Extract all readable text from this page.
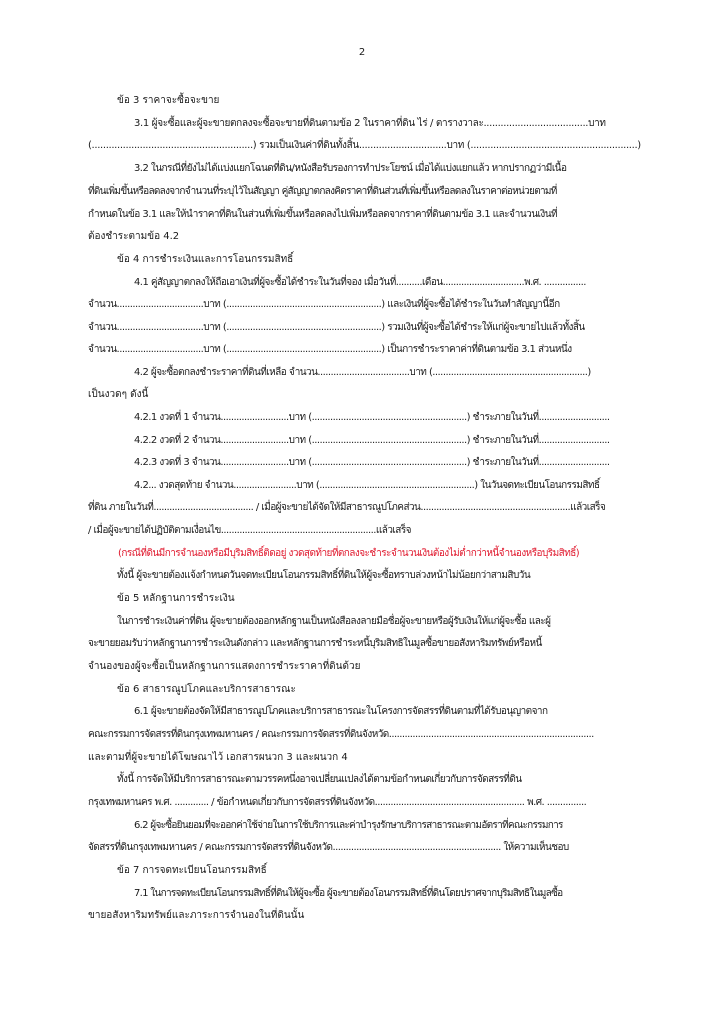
2
ข้อ 3 ราคาจะซื้อจะขาย
3.1 ผู้จะซื้อและผู้จะขายตกลงจะซื้อจะขายที่ดินตามข้อ 2 ในราคาที่ดิน ไร่ / ตารางวาละ.....................................บาท
(.........................................................) รวมเป็นเงินค่าที่ดินทั้งสิ้น...............................บาท (...........................................................)
3.2 ในกรณีที่ยังไม่ได้แบ่งแยกโฉนดที่ดิน/หนังสือรับรองการทำประโยชน์ เมื่อได้แบ่งแยกแล้ว หากปรากฏว่ามีเนื้อ
ที่ดินเพิ่มขึ้นหรือลดลงจากจำนวนที่ระบุไว้ในสัญญา คู่สัญญาตกลงคิดราคาที่ดินส่วนที่เพิ่มขึ้นหรือลดลงในราคาต่อหน่วยตามที่
กำหนดในข้อ 3.1 และให้นำราคาที่ดินในส่วนที่เพิ่มขึ้นหรือลดลงไปเพิ่มหรือลดจากราคาที่ดินตามข้อ 3.1 และจำนวนเงินที่
ต้องชำระตามข้อ 4.2
ข้อ 4 การชำระเงินและการโอนกรรมสิทธิ์
4.1 คู่สัญญาตกลงให้ถือเอาเงินที่ผู้จะซื้อได้ชำระในวันที่จอง เมื่อวันที่..........เดือน...............................พ.ศ. ................
จำนวน.................................บาท (...........................................................) และเงินที่ผู้จะซื้อได้ชำระในวันทำสัญญานี้อีก
จำนวน.................................บาท (...........................................................) รวมเงินที่ผู้จะซื้อได้ชำระให้แก่ผู้จะขายไปแล้วทั้งสิ้น
จำนวน.................................บาท (...........................................................) เป็นการชำระราคาค่าที่ดินตามข้อ 3.1 ส่วนหนึ่ง
4.2 ผู้จะซื้อตกลงชำระราคาที่ดินที่เหลือ จำนวน...................................บาท (...........................................................)
เป็นงวดๆ ดังนี้
4.2.1 งวดที่ 1 จำนวน..........................บาท (...........................................................) ชำระภายในวันที่...........................
4.2.2 งวดที่ 2 จำนวน..........................บาท (...........................................................) ชำระภายในวันที่...........................
4.2.3 งวดที่ 3 จำนวน..........................บาท (...........................................................) ชำระภายในวันที่...........................
4.2... งวดสุดท้าย จำนวน........................บาท (...........................................................) ในวันจดทะเบียนโอนกรรมสิทธิ์
ที่ดิน ภายในวันที่...................................... / เมื่อผู้จะขายได้จัดให้มีสาธารณูปโภคส่วน.........................................................แล้วเสร็จ
/ เมื่อผู้จะขายได้ปฏิบัติตามเงื่อนไข...........................................................แล้วเสร็จ
(กรณีที่ดินมีการจำนองหรือมีบุริมสิทธิ์ติดอยู่ งวดสุดท้ายที่ตกลงจะชำระจำนวนเงินต้องไม่ต่ำกว่าหนี้จำนองหรือบุริมสิทธิ์)
ทั้งนี้ ผู้จะขายต้องแจ้งกำหนดวันจดทะเบียนโอนกรรมสิทธิ์ที่ดินให้ผู้จะซื้อทราบล่วงหน้าไม่น้อยกว่าสามสิบวัน
ข้อ 5 หลักฐานการชำระเงิน
ในการชำระเงินค่าที่ดิน ผู้จะขายต้องออกหลักฐานเป็นหนังสือลงลายมือชื่อผู้จะขายหรือผู้รับเงินให้แก่ผู้จะซื้อ และผู้
จะขายยอมรับว่าหลักฐานการชำระเงินดังกล่าว และหลักฐานการชำระหนี้บุริมสิทธิในมูลซื้อขายอสังหาริมทรัพย์หรือหนี้
จำนองของผู้จะซื้อเป็นหลักฐานการแสดงการชำระราคาที่ดินด้วย
ข้อ 6 สาธารณูปโภคและบริการสาธารณะ
6.1 ผู้จะขายต้องจัดให้มีสาธารณูปโภคและบริการสาธารณะในโครงการจัดสรรที่ดินตามที่ได้รับอนุญาตจาก
คณะกรรมการจัดสรรที่ดินกรุงเทพมหานคร / คณะกรรมการจัดสรรที่ดินจังหวัด..............................................................................
และตามที่ผู้จะขายได้โฆษณาไว้ เอกสารผนวก 3 และผนวก 4
ทั้งนี้ การจัดให้มีบริการสาธารณะตามวรรคหนึ่งอาจเปลี่ยนแปลงได้ตามข้อกำหนดเกี่ยวกับการจัดสรรที่ดิน
กรุงเทพมหานคร พ.ศ. ............. / ข้อกำหนดเกี่ยวกับการจัดสรรที่ดินจังหวัด......................................................... พ.ศ. ...............
6.2 ผู้จะซื้อยินยอมที่จะออกค่าใช้จ่ายในการใช้บริการและค่าบำรุงรักษาบริการสาธารณะตามอัตราที่คณะกรรมการ
จัดสรรที่ดินกรุงเทพมหานคร / คณะกรรมการจัดสรรที่ดินจังหวัด................................................................ ให้ความเห็นชอบ
ข้อ 7 การจดทะเบียนโอนกรรมสิทธิ์
7.1 ในการจดทะเบียนโอนกรรมสิทธิ์ที่ดินให้ผู้จะซื้อ ผู้จะขายต้องโอนกรรมสิทธิ์ที่ดินโดยปราศจากบุริมสิทธิในมูลซื้อ
ขายอสังหาริมทรัพย์และภาระการจำนองในที่ดินนั้น
